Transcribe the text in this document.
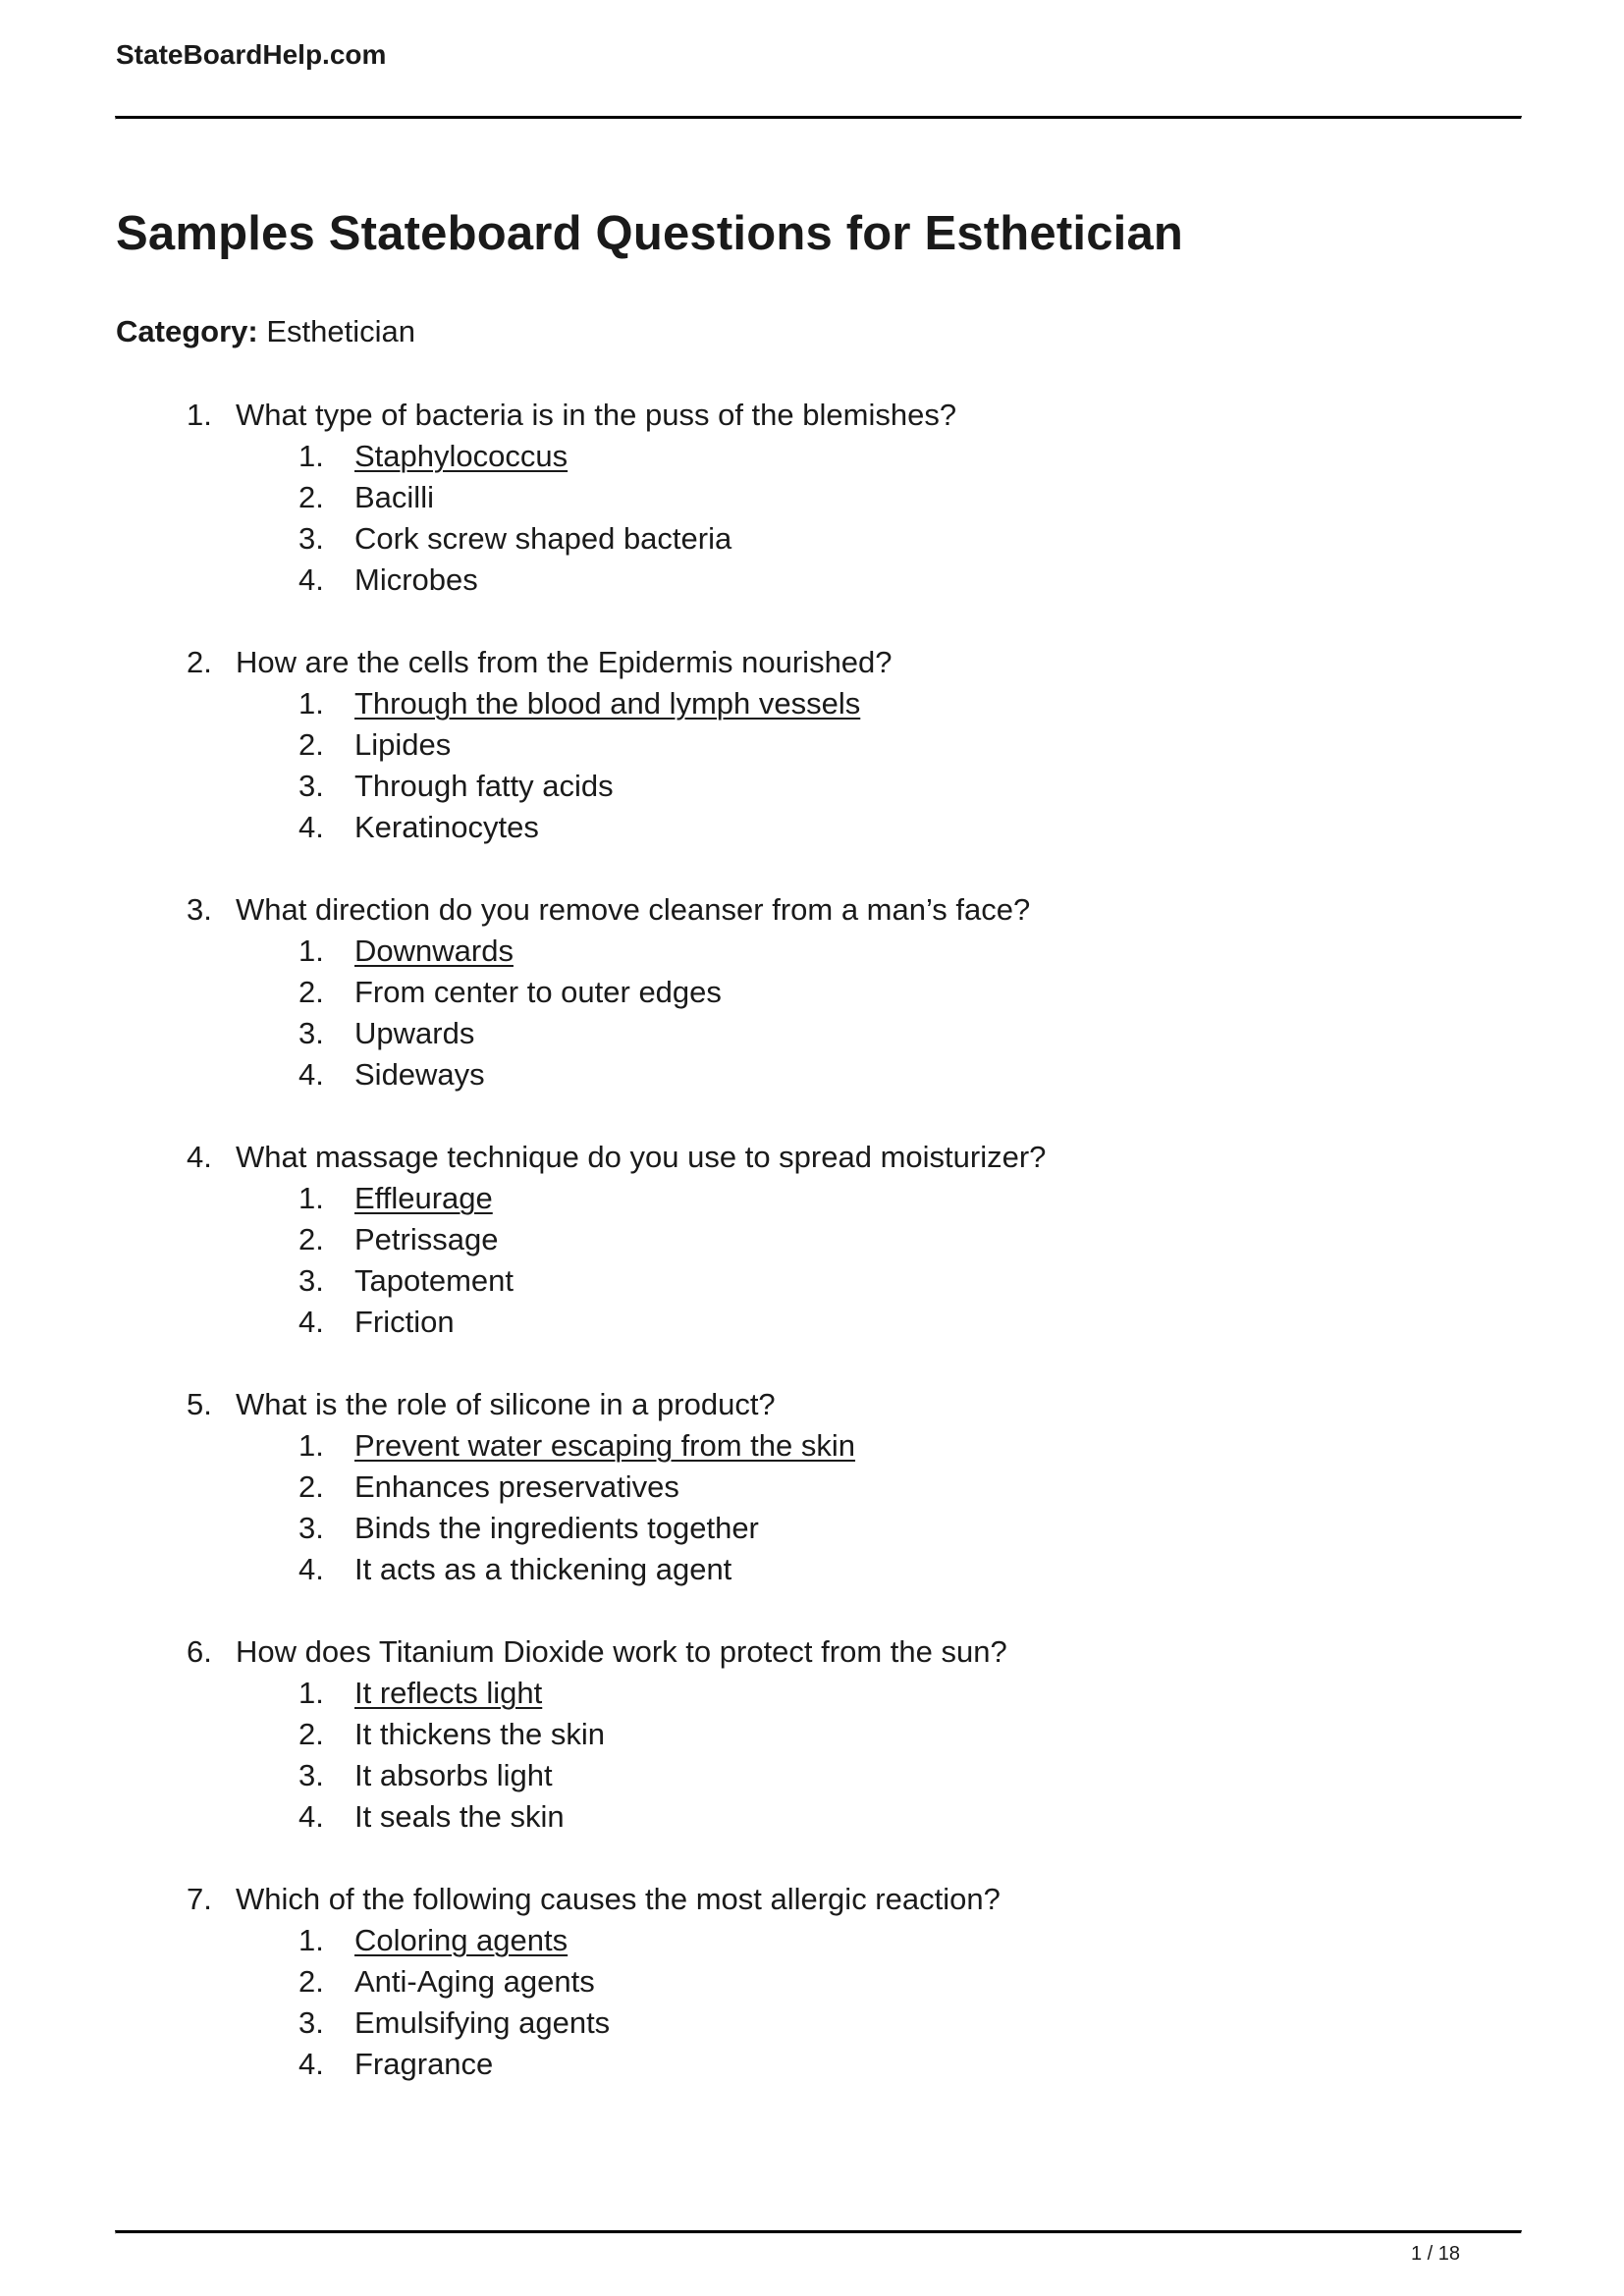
StateBoardHelp.com
Samples Stateboard Questions for Esthetician

Category: Esthetician

1. What type of bacteria is in the puss of the blemishes?
1.	Staphylococcus
2.	Bacilli
3.	Cork screw shaped bacteria
4.	Microbes
2. How are the cells from the Epidermis nourished?
1.	Through the blood and lymph vessels
2.	Lipides
3.	Through fatty acids
4.	Keratinocytes
3. What direction do you remove cleanser from a man’s face?
1.	Downwards
2.	From center to outer edges
3.	Upwards
4.	Sideways
4. What massage technique do you use to spread moisturizer?
1.	Effleurage
2.	Petrissage
3.	Tapotement
4.	Friction
5. What is the role of silicone in a product?
1.	Prevent water escaping from the skin
2.	Enhances preservatives
3.	Binds the ingredients together
4.	It acts as a thickening agent
6. How does Titanium Dioxide work to protect from the sun?
1.	It reflects light
2.	It thickens the skin
3.	It absorbs light
4.	It seals the skin
7. Which of the following causes the most allergic reaction?
1.	Coloring agents
2.	Anti-Aging agents
3.	Emulsifying agents
4.	Fragrance
1 / 18
